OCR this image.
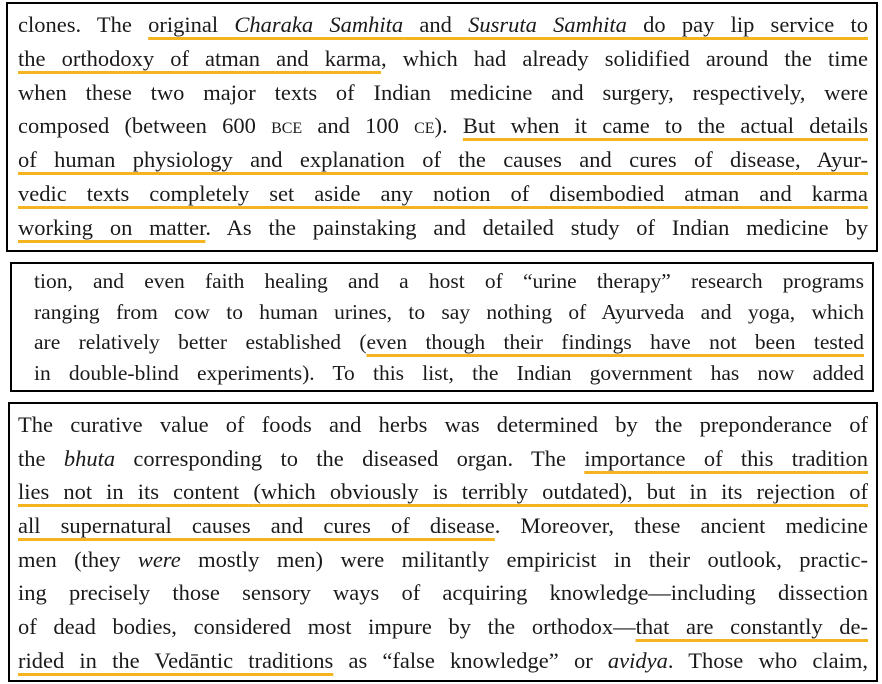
clones. The original Charaka Samhita and Susruta Samhita do pay lip service to
the orthodoxy of atman and karma, which had already solidified around the time
when these two major texts of Indian medicine and surgery, respectively, were
composed (between 600 bce and 100 ce). But when it came to the actual details
of human physiology and explanation of the causes and cures of disease, Ayur-
vedic texts completely set aside any notion of disembodied atman and karma
working on matter. As the painstaking and detailed study of Indian medicine by
tion, and even faith healing and a host of “urine therapy” research programs
ranging from cow to human urines, to say nothing of Ayurveda and yoga, which
are relatively better established (even though their findings have not been tested
in double-blind experiments). To this list, the Indian government has now added
The curative value of foods and herbs was determined by the preponderance of
the bhuta corresponding to the diseased organ. The importance of this tradition
lies not in its content (which obviously is terribly outdated), but in its rejection of
all supernatural causes and cures of disease. Moreover, these ancient medicine
men (they were mostly men) were militantly empiricist in their outlook, practic-
ing precisely those sensory ways of acquiring knowledge—including dissection
of dead bodies, considered most impure by the orthodox—that are constantly de-
rided in the Vedāntic traditions as “false knowledge” or avidya. Those who claim,
